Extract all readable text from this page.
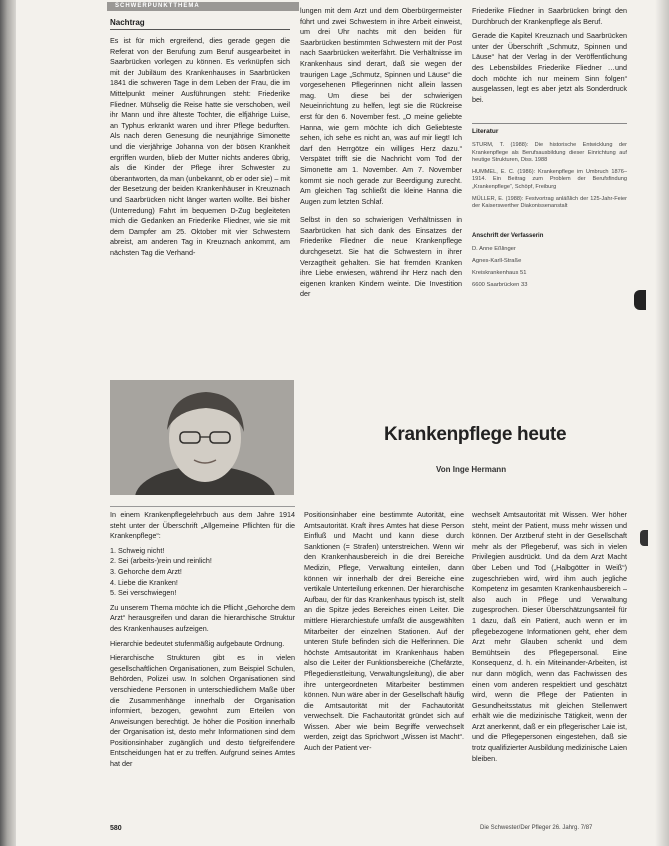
SCHWERPUNKTTHEMA
Nachtrag

Es ist für mich ergreifend, dies gerade gegen die Referat von der Berufung zum Beruf ausgearbeitet in Saarbrücken vorlegen zu können. Es verknüpfen sich mit der Jubiläum des Krankenhauses in Saarbrücken 1841 die schweren Tage in dem Leben der Frau, die im Mittelpunkt meiner Ausführungen steht: Friederike Fliedner. Mühselig die Reise hatte sie verschoben, weil ihr Mann und ihre älteste Tochter, die elfjährige Luise, an Typhus erkrankt waren und ihrer Pflege bedurften. Als nach deren Genesung die neunjährige Simonette und die vierjährige Johanna von der bösen Krankheit ergriffen wurden, blieb der Mutter nichts anderes übrig, als die Kinder der Pflege ihrer Schwester zu überantworten, da man (unbekannt, ob er oder sie) – mit der Besetzung der beiden Krankenhäuser in Kreuznach und Saarbrücken nicht länger warten wollte. Bei bisher (Unterredung) Fahrt im bequemen D-Zug begleiteten mich die Gedanken an Friederike Fliedner, wie sie mit dem Dampfer am 25. Oktober mit vier Schwestern abreist, am anderen Tag in Kreuznach ankommt, am nächsten Tag die Verhand-

lungen mit dem Arzt und dem Oberbürgermeister führt und zwei Schwestern in ihre Arbeit einweist, um drei Uhr nachts mit den beiden für Saarbrücken bestimmten Schwestern mit der Post nach Saarbrücken weiterfährt. Die Verhältnisse im Krankenhaus sind derart, daß sie wegen der traurigen Lage „Schmutz, Spinnen und Läuse“ die vorgesehenen Pflegerinnen nicht allein lassen mag. Um diese bei der schwierigen Neueinrichtung zu helfen, legt sie die Rückreise erst für den 6. November fest. „O meine geliebte Hanna, wie gern möchte ich dich Geliebteste sehen, ich sehe es nicht an, was auf mir liegt! Ich darf den Herrgötze ein williges Herz dazu.“ Verspätet trifft sie die Nachricht vom Tod der Simonette am 1. November. Am 7. November kommt sie noch gerade zur Beerdigung zurecht. Am gleichen Tag schließt die kleine Hanna die Augen zum letzten Schlaf.

Selbst in den so schwierigen Verhältnissen in Saarbrücken hat sich dank des Einsatzes der Friederike Fliedner die neue Krankenpflege durchgesetzt. Sie hat die Schwestern in ihrer Verzagtheit gehalten. Sie hat fremden Kranken ihre Liebe erwiesen, während ihr Herz nach den eigenen kranken Kindern weinte. Die Investition der

Friederike Fliedner in Saarbrücken bringt den Durchbruch der Krankenpflege als Beruf.

Gerade die Kapitel Kreuznach und Saarbrücken unter der Überschrift „Schmutz, Spinnen und Läuse“ hat der Verlag in der Veröffentlichung des Lebensbildes Friederike Fliedner …und doch möchte ich nur meinem Sinn folgen“ ausgelassen, legt es aber jetzt als Sonderdruck bei.

Literatur

STURM, T. (1988): Die historische Entwicklung der Krankenpflege als Berufsausbildung dieser Einrichtung auf heutige Strukturen, Diss. 1988

HUMMEL, E. C. (1986): Krankenpflege im Umbruch 1876–1914. Ein Beitrag zum Problem der Berufsfindung „Krankenpflege“, Schöpf, Freiburg

MÜLLER, E. (1988): Festvortrag anläßlich der 125-Jahr-Feier der Kaiserswerther Diakonissenanstalt

Anschrift der Verfasserin

D. Anne Eßlinger

Agnes-Karll-Straße

Kreiskrankenhaus 51

6600 Saarbrücken 33

Krankenpflege heute
Von Inge Hermann

In einem Krankenpflegelehrbuch aus dem Jahre 1914 steht unter der Überschrift „Allgemeine Pflichten für die Krankenpflege“:

1. Schweig nicht!
2. Sei (arbeits-)rein und reinlich!
3. Gehorche dem Arzt!
4. Liebe die Kranken!
5. Sei verschwiegen!

Zu unserem Thema möchte ich die Pflicht „Gehorche dem Arzt“ herausgreifen und daran die hierarchische Struktur des Krankenhauses aufzeigen.

Hierarchie bedeutet stufenmäßig aufgebaute Ordnung.

Hierarchische Strukturen gibt es in vielen gesellschaftlichen Organisationen, zum Beispiel Schulen, Behörden, Polizei usw. In solchen Organisationen sind verschiedene Personen in unterschiedlichem Maße über die Zusammenhänge innerhalb der Organisation informiert, bezogen, gewohnt zum Erteilen von Anweisungen berechtigt. Je höher die Position innerhalb der Organisation ist, desto mehr Informationen sind dem Positionsinhaber zugänglich und desto tiefgreifendere Entscheidungen hat er zu treffen. Aufgrund seines Amtes hat der

Positionsinhaber eine bestimmte Autorität, eine Amtsautorität. Kraft ihres Amtes hat diese Person Einfluß und Macht und kann diese durch Sanktionen (= Strafen) unterstreichen. Wenn wir den Krankenhausbereich in die drei Bereiche Medizin, Pflege, Verwaltung einteilen, dann können wir innerhalb der drei Bereiche eine vertikale Unterteilung erkennen. Der hierarchische Aufbau, der für das Krankenhaus typisch ist, stellt an die Spitze jedes Bereiches einen Leiter. Die mittlere Hierarchiestufe umfaßt die ausgewählten Mitarbeiter der einzelnen Stationen. Auf der unteren Stufe befinden sich die Helferinnen. Die höchste Amtsautorität im Krankenhaus haben also die Leiter der Funktionsbereiche (Chefärzte, Pflegedienstleitung, Verwaltungsleitung), die aber ihre untergeordneten Mitarbeiter bestimmen können. Nun wäre aber in der Gesellschaft häufig die Amtsautorität mit der Fachautorität verwechselt. Die Fachautorität gründet sich auf Wissen. Aber wie beim Begriffe verwechselt werden, zeigt das Sprichwort „Wissen ist Macht“. Auch der Patient ver-

wechselt Amtsautorität mit Wissen. Wer höher steht, meint der Patient, muss mehr wissen und können. Der Arztberuf steht in der Gesellschaft mehr als der Pflegeberuf, was sich in vielen Privilegien ausdrückt. Und da dem Arzt Macht über Leben und Tod („Halbgötter in Weiß“) zugeschrieben wird, wird ihm auch jegliche Kompetenz im gesamten Krankenhausbereich – also auch in Pflege und Verwaltung zugesprochen. Dieser Überschätzungsanteil für 1 dazu, daß ein Patient, auch wenn er im pflegebezogene Informationen geht, eher dem Arzt mehr Glauben schenkt und dem Bemühtsein des Pflegepersonal. Eine Konsequenz, d. h. ein Miteinander-Arbeiten, ist nur dann möglich, wenn das Fachwissen des einen vom anderen respektiert und geschätzt wird, wenn die Pflege der Patienten in Gesundheitsstatus mit gleichen Stellenwert erhält wie die medizinische Tätigkeit, wenn der Arzt anerkennt, daß er ein pflegerischer Laie ist, und die Pflegepersonen eingestehen, daß sie trotz qualifizierter Ausbildung medizinische Laien bleiben.

580	Die Schwester/Der Pfleger 26. Jahrg. 7/87
